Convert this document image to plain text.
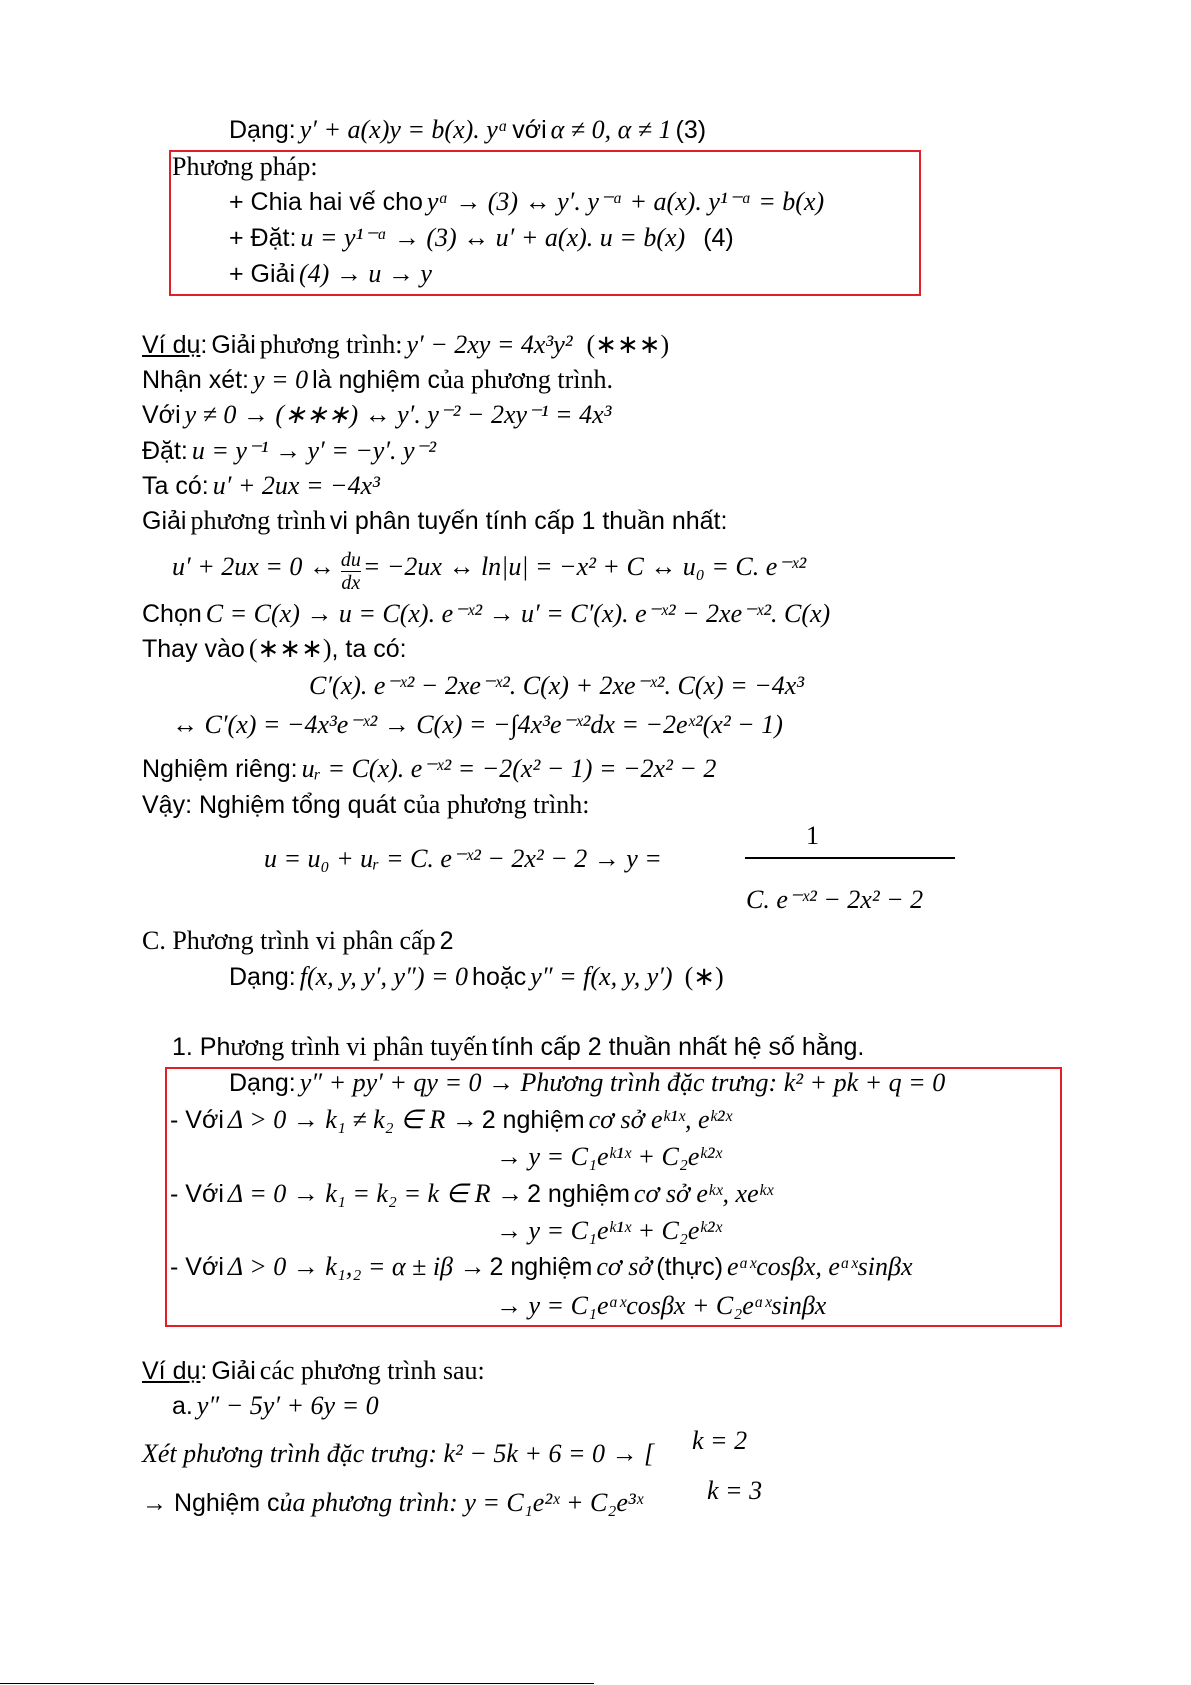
Dạng: y′ + a(x)y = b(x). yᵅ với α ≠ 0, α ≠ 1 (3)
Phương pháp:
+ Chia hai vế cho yᵅ → (3) ↔ y′. y⁻ᵅ + a(x). y¹⁻ᵅ = b(x)
+ Đặt: u = y¹⁻ᵅ → (3) ↔ u′ + a(x). u = b(x) (4)
+ Giải (4) → u → y
Ví dụ: Giải phương trình: y′ − 2xy = 4x³y² (∗∗∗)
Nhận xét: y = 0 là nghiệm của phương trình.
Với y ≠ 0 → (∗∗∗) ↔ y′. y⁻² − 2xy⁻¹ = 4x³
Đặt: u = y⁻¹ → y′ = −y′. y⁻²
Ta có: u′ + 2ux = −4x³
Giải phương trình vi phân tuyến tính cấp 1 thuần nhất:
u′ + 2ux = 0 ↔ $\frac{du}{dx} = -2ux$ ↔ ln|u| = −x² + C ↔ u₀ = C. e⁻ˣ²
Chọn C = C(x) → u = C(x). e⁻ˣ² → u′ = C′(x). e⁻ˣ² − 2xe⁻ˣ². C(x)
Thay vào (∗∗∗), ta có:
C′(x). e⁻ˣ² − 2xe⁻ˣ². C(x) + 2xe⁻ˣ². C(x) = −4x³
↔ C′(x) = −4x³e⁻ˣ² → C(x) = −∫4x³e⁻ˣ²dx = −2eˣ²(x² − 1)
Nghiệm riêng: uᵣ = C(x). e⁻ˣ² = −2(x² − 1) = −2x² − 2
Vậy: Nghiệm tổng quát của phương trình:
u = u₀ + uᵣ = C. e⁻ˣ² − 2x² − 2 → y =
1
C. e⁻ˣ² − 2x² − 2
C. Phương trình vi phân cấp 2
Dạng: f(x, y, y′, y″) = 0 hoặc y″ = f(x, y, y′) (∗)
1. Phương trình vi phân tuyến tính cấp 2 thuần nhất hệ số hằng.
Dạng: y″ + py′ + qy = 0 → Phương trình đặc trưng: k² + pk + q = 0
- Với Δ > 0 → k₁ ≠ k₂ ∈ R → 2 nghiệm cơ sở eᵏ¹ˣ, eᵏ²ˣ
→ y = C₁eᵏ¹ˣ + C₂eᵏ²ˣ
- Với Δ = 0 → k₁ = k₂ = k ∈ R → 2 nghiệm cơ sở eᵏˣ, xeᵏˣ
→ y = C₁eᵏ¹ˣ + C₂eᵏ²ˣ
- Với Δ > 0 → k₁,₂ = α ± iβ → 2 nghiệm cơ sở (thực) eᵅˣcosβx, eᵅˣsinβx
→ y = C₁eᵅˣcosβx + C₂eᵅˣsinβx
Ví dụ: Giải các phương trình sau:
a. y″ − 5y′ + 6y = 0
Xét phương trình đặc trưng: k² − 5k + 6 = 0 → [ k = 2
k = 3
→ Nghiệm của phương trình: y = C₁e²ˣ + C₂e³ˣ
